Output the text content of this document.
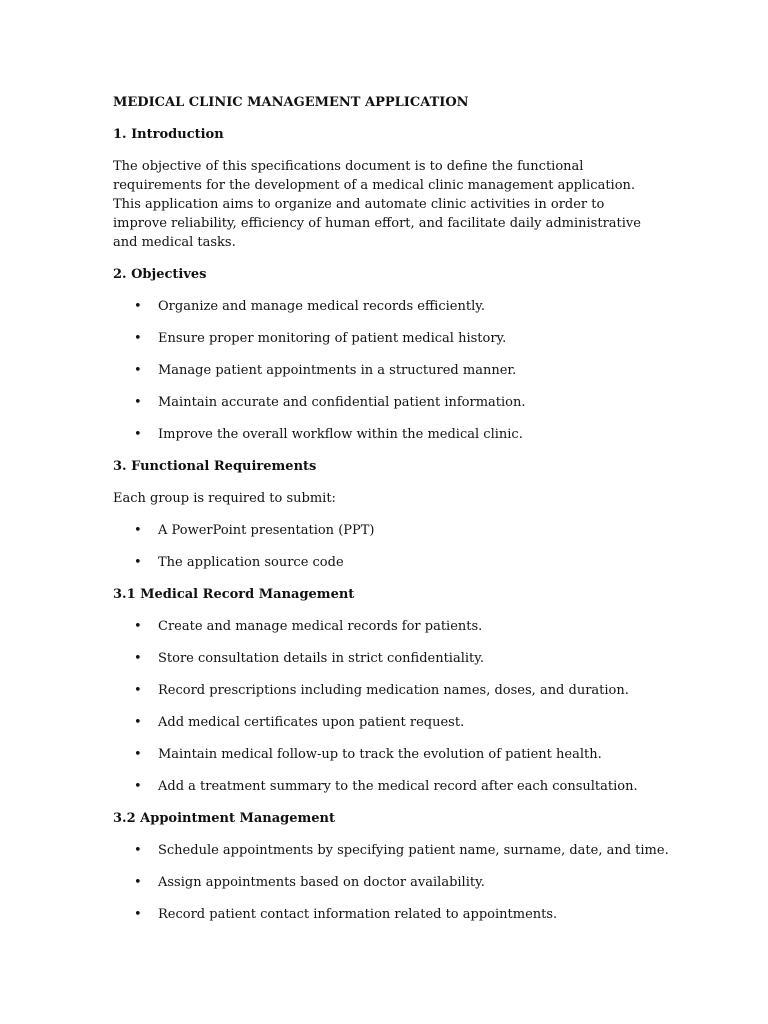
MEDICAL CLINIC MANAGEMENT APPLICATION
1. Introduction

The objective of this specifications document is to define the functional requirements for the development of a medical clinic management application. This application aims to organize and automate clinic activities in order to improve reliability, efficiency of human effort, and facilitate daily administrative and medical tasks.

2. Objectives
• Organize and manage medical records efficiently.
• Ensure proper monitoring of patient medical history.
• Manage patient appointments in a structured manner.
• Maintain accurate and confidential patient information.
• Improve the overall workflow within the medical clinic.
3. Functional Requirements

Each group is required to submit:

• A PowerPoint presentation (PPT)
• The application source code
3.1 Medical Record Management
• Create and manage medical records for patients.
• Store consultation details in strict confidentiality.
• Record prescriptions including medication names, doses, and duration.
• Add medical certificates upon patient request.
• Maintain medical follow-up to track the evolution of patient health.
• Add a treatment summary to the medical record after each consultation.
3.2 Appointment Management
• Schedule appointments by specifying patient name, surname, date, and time.
• Assign appointments based on doctor availability.
• Record patient contact information related to appointments.
